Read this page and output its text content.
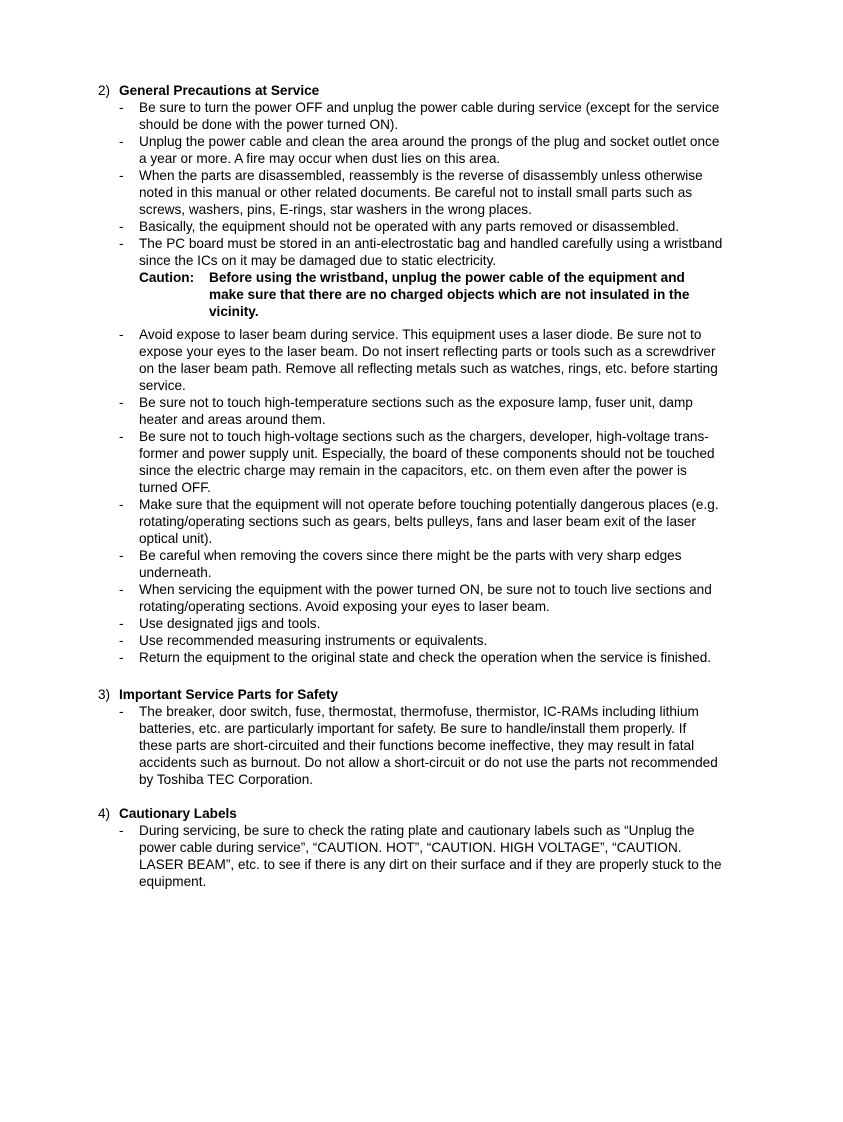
2) General Precautions at Service
- Be sure to turn the power OFF and unplug the power cable during service (except for the service
should be done with the power turned ON).
- Unplug the power cable and clean the area around the prongs of the plug and socket outlet once
a year or more. A fire may occur when dust lies on this area.
- When the parts are disassembled, reassembly is the reverse of disassembly unless otherwise
noted in this manual or other related documents. Be careful not to install small parts such as
screws, washers, pins, E-rings, star washers in the wrong places.
- Basically, the equipment should not be operated with any parts removed or disassembled.
- The PC board must be stored in an anti-electrostatic bag and handled carefully using a wristband
since the ICs on it may be damaged due to static electricity.
Caution: Before using the wristband, unplug the power cable of the equipment and
make sure that there are no charged objects which are not insulated in the
vicinity.
- Avoid expose to laser beam during service. This equipment uses a laser diode. Be sure not to
expose your eyes to the laser beam. Do not insert reflecting parts or tools such as a screwdriver
on the laser beam path. Remove all reflecting metals such as watches, rings, etc. before starting
service.
- Be sure not to touch high-temperature sections such as the exposure lamp, fuser unit, damp
heater and areas around them.
- Be sure not to touch high-voltage sections such as the chargers, developer, high-voltage trans-
former and power supply unit. Especially, the board of these components should not be touched
since the electric charge may remain in the capacitors, etc. on them even after the power is
turned OFF.
- Make sure that the equipment will not operate before touching potentially dangerous places (e.g.
rotating/operating sections such as gears, belts pulleys, fans and laser beam exit of the laser
optical unit).
- Be careful when removing the covers since there might be the parts with very sharp edges
underneath.
- When servicing the equipment with the power turned ON, be sure not to touch live sections and
rotating/operating sections. Avoid exposing your eyes to laser beam.
- Use designated jigs and tools.
- Use recommended measuring instruments or equivalents.
- Return the equipment to the original state and check the operation when the service is finished.
3) Important Service Parts for Safety
- The breaker, door switch, fuse, thermostat, thermofuse, thermistor, IC-RAMs including lithium
batteries, etc. are particularly important for safety. Be sure to handle/install them properly. If
these parts are short-circuited and their functions become ineffective, they may result in fatal
accidents such as burnout. Do not allow a short-circuit or do not use the parts not recommended
by Toshiba TEC Corporation.
4) Cautionary Labels
- During servicing, be sure to check the rating plate and cautionary labels such as “Unplug the
power cable during service”, “CAUTION. HOT”, “CAUTION. HIGH VOLTAGE”, “CAUTION.
LASER BEAM”, etc. to see if there is any dirt on their surface and if they are properly stuck to the
equipment.
